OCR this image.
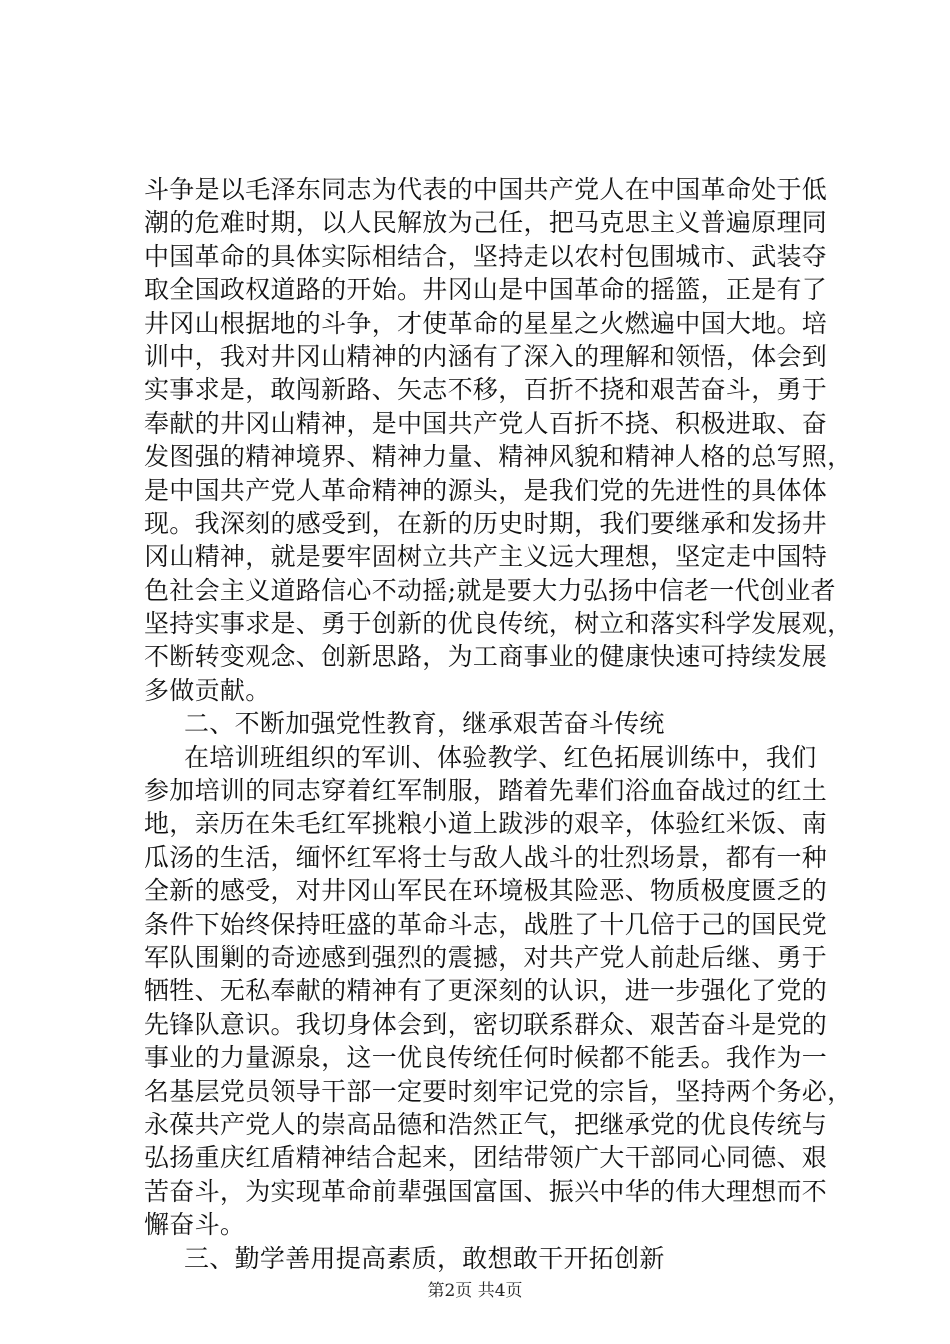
斗争是以毛泽东同志为代表的中国共产党人在中国革命处于低
潮的危难时期，以人民解放为己任，把马克思主义普遍原理同
中国革命的具体实际相结合，坚持走以农村包围城市、武装夺
取全国政权道路的开始。井冈山是中国革命的摇篮，正是有了
井冈山根据地的斗争，才使革命的星星之火燃遍中国大地。培
训中，我对井冈山精神的内涵有了深入的理解和领悟，体会到
实事求是，敢闯新路、矢志不移，百折不挠和艰苦奋斗，勇于
奉献的井冈山精神，是中国共产党人百折不挠、积极进取、奋
发图强的精神境界、精神力量、精神风貌和精神人格的总写照，
是中国共产党人革命精神的源头，是我们党的先进性的具体体
现。我深刻的感受到，在新的历史时期，我们要继承和发扬井
冈山精神，就是要牢固树立共产主义远大理想，坚定走中国特
色社会主义道路信心不动摇;就是要大力弘扬中信老一代创业者
坚持实事求是、勇于创新的优良传统，树立和落实科学发展观，
不断转变观念、创新思路，为工商事业的健康快速可持续发展
多做贡献。
二、不断加强党性教育，继承艰苦奋斗传统
在培训班组织的军训、体验教学、红色拓展训练中，我们
参加培训的同志穿着红军制服，踏着先辈们浴血奋战过的红土
地，亲历在朱毛红军挑粮小道上跋涉的艰辛，体验红米饭、南
瓜汤的生活，缅怀红军将士与敌人战斗的壮烈场景，都有一种
全新的感受，对井冈山军民在环境极其险恶、物质极度匮乏的
条件下始终保持旺盛的革命斗志，战胜了十几倍于己的国民党
军队围剿的奇迹感到强烈的震撼，对共产党人前赴后继、勇于
牺牲、无私奉献的精神有了更深刻的认识，进一步强化了党的
先锋队意识。我切身体会到，密切联系群众、艰苦奋斗是党的
事业的力量源泉，这一优良传统任何时候都不能丢。我作为一
名基层党员领导干部一定要时刻牢记党的宗旨，坚持两个务必，
永葆共产党人的崇高品德和浩然正气，把继承党的优良传统与
弘扬重庆红盾精神结合起来，团结带领广大干部同心同德、艰
苦奋斗，为实现革命前辈强国富国、振兴中华的伟大理想而不
懈奋斗。
三、勤学善用提高素质，敢想敢干开拓创新
第2页 共4页
